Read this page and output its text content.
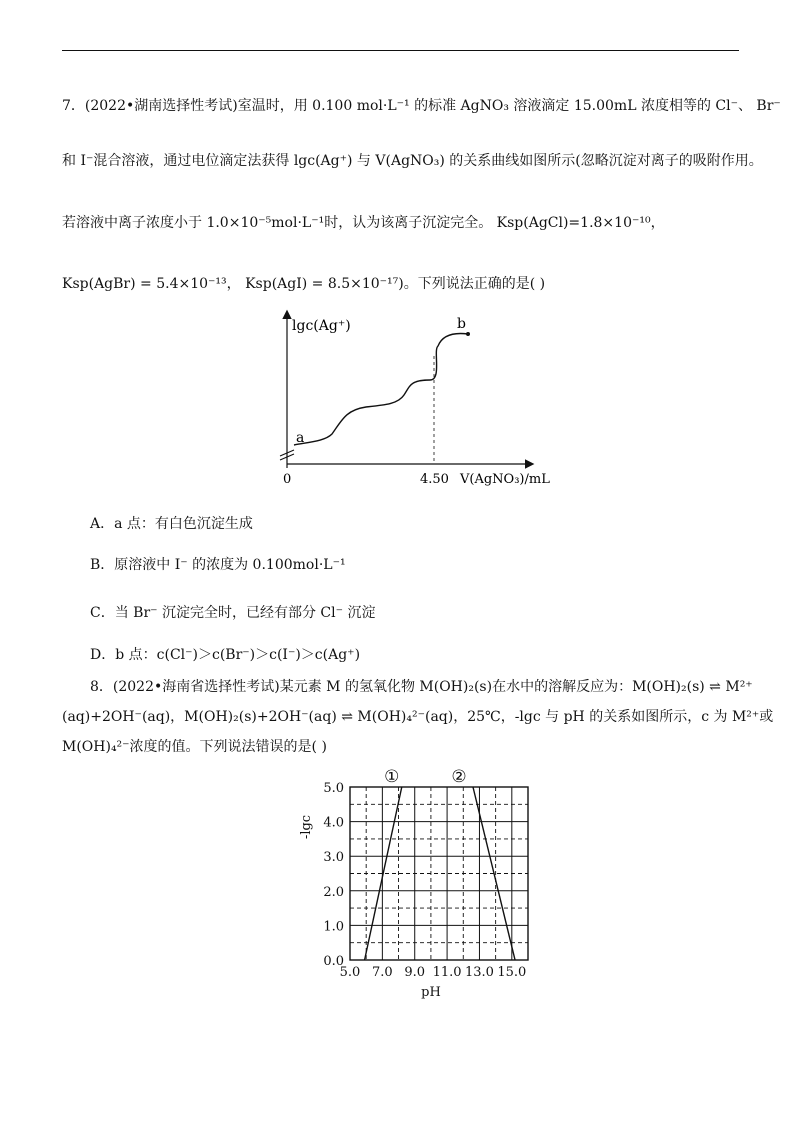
7．(2022•湖南选择性考试)室温时，用 0.100 mol·L⁻¹ 的标准 AgNO₃ 溶液滴定 15.00mL 浓度相等的 Cl⁻、 Br⁻
和 I⁻混合溶液，通过电位滴定法获得 lgc(Ag⁺) 与 V(AgNO₃) 的关系曲线如图所示(忽略沉淀对离子的吸附作用。
若溶液中离子浓度小于 1.0×10⁻⁵mol·L⁻¹时，认为该离子沉淀完全。 Ksp(AgCl)=1.8×10⁻¹⁰，
Ksp(AgBr) = 5.4×10⁻¹³， Ksp(AgI) = 8.5×10⁻¹⁷)。下列说法正确的是( )
lgc(Ag⁺)
0	4.50 V(AgNO₃)/mL
a
b
A．a 点：有白色沉淀生成
B．原溶液中 I⁻ 的浓度为 0.100mol·L⁻¹
C．当 Br⁻ 沉淀完全时，已经有部分 Cl⁻ 沉淀
D．b 点：c(Cl⁻)＞c(Br⁻)＞c(I⁻)＞c(Ag⁺)
8．(2022•海南省选择性考试)某元素 M 的氢氧化物 M(OH)₂(s)在水中的溶解反应为：M(OH)₂(s) ⇌ M²⁺
(aq)+2OH⁻(aq)，M(OH)₂(s)+2OH⁻(aq) ⇌ M(OH)₄²⁻(aq)，25℃，-lgc 与 pH 的关系如图所示，c 为 M²⁺或
M(OH)₄²⁻浓度的值。下列说法错误的是( )
5.0 7.0 9.0 11.0 13.0 15.0
0.0
1.0
2.0
3.0
4.0
5.0
pH
-lgc
①	②
